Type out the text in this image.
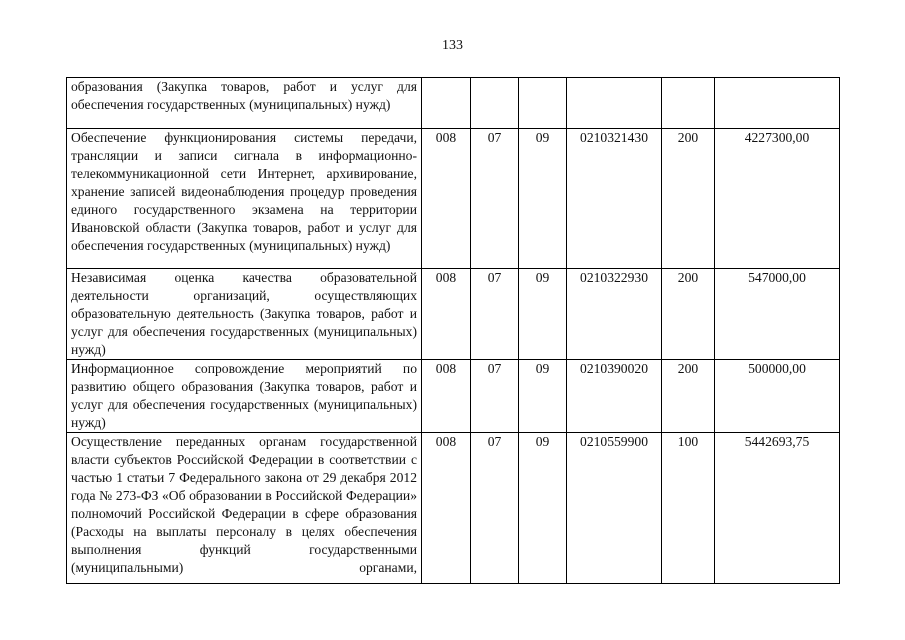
133
образования (Закупка товаров, работ и услуг для обеспечения государственных (муниципальных) нужд)						
Обеспечение функционирования системы передачи, трансляции и записи сигнала в информационно-телекоммуникационной сети Интернет, архивирование, хранение записей видеонаблюдения процедур проведения единого государственного экзамена на территории Ивановской области (Закупка товаров, работ и услуг для обеспечения государственных (муниципальных) нужд)	008	07	09	0210321430	200	4227300,00
Независимая оценка качества образовательной деятельности организаций, осуществляющих образовательную деятельность (Закупка товаров, работ и услуг для обеспечения государственных (муниципальных) нужд)	008	07	09	0210322930	200	547000,00
Информационное сопровождение мероприятий по развитию общего образования (Закупка товаров, работ и услуг для обеспечения государственных (муниципальных) нужд)	008	07	09	0210390020	200	500000,00
Осуществление переданных органам государственной власти субъектов Российской Федерации в соответствии с частью 1 статьи 7 Федерального закона от 29 декабря 2012 года № 273-ФЗ «Об образовании в Российской Федерации» полномочий Российской Федерации в сфере образования (Расходы на выплаты персоналу в целях обеспечения выполнения функций государственными (муниципальными) органами,	008	07	09	0210559900	100	5442693,75
